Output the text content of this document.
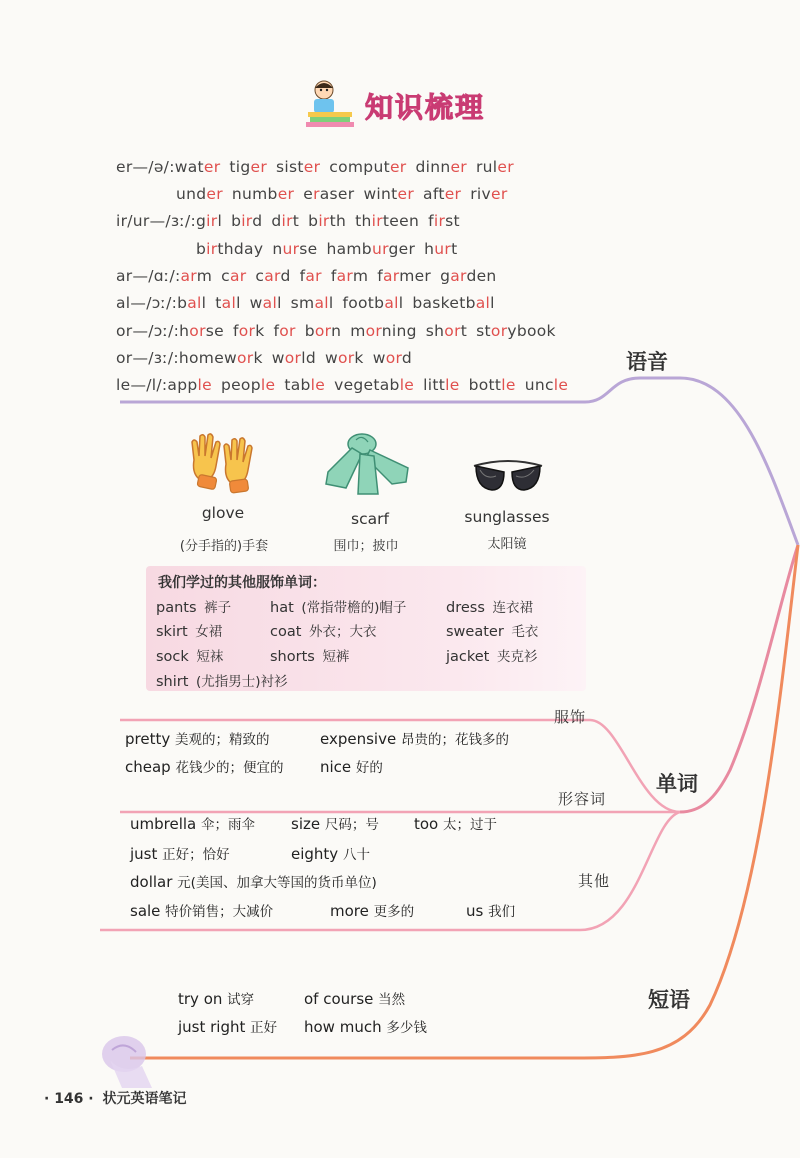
知识梳理
er—/ə/:water tiger sister computer dinner ruler
under number eraser winter after river
ir/ur—/ɜː/:girl bird dirt birth thirteen first
birthday nurse hamburger hurt
ar—/ɑː/:arm car card far farm farmer garden
al—/ɔː/:ball tall wall small football basketball
or—/ɔː/:horse fork for born morning short storybook
or—/ɜː/:homework world work word
le—/l/:apple people table vegetable little bottle uncle
语音
单词
短语
服饰
形容词
其他
glove	scarf	sunglasses
(分手指的)手套	围巾；披巾	太阳镜
我们学过的其他服饰单词：
pants 裤子	hat (常指带檐的)帽子	dress 连衣裙
skirt 女裙	coat 外衣；大衣	sweater 毛衣
sock 短袜	shorts 短裤	jacket 夹克衫
shirt (尤指男士)衬衫
pretty 美观的；精致的	expensive 昂贵的；花钱多的
cheap 花钱少的；便宜的 nice 好的
umbrella 伞；雨伞 size 尺码；号 too 太；过于
just 正好；恰好	eighty 八十
dollar 元(美国、加拿大等国的货币单位)
sale 特价销售；大减价	more 更多的	us 我们
try on 试穿	of course 当然
just right 正好 how much 多少钱
· 146 · 状元英语笔记
